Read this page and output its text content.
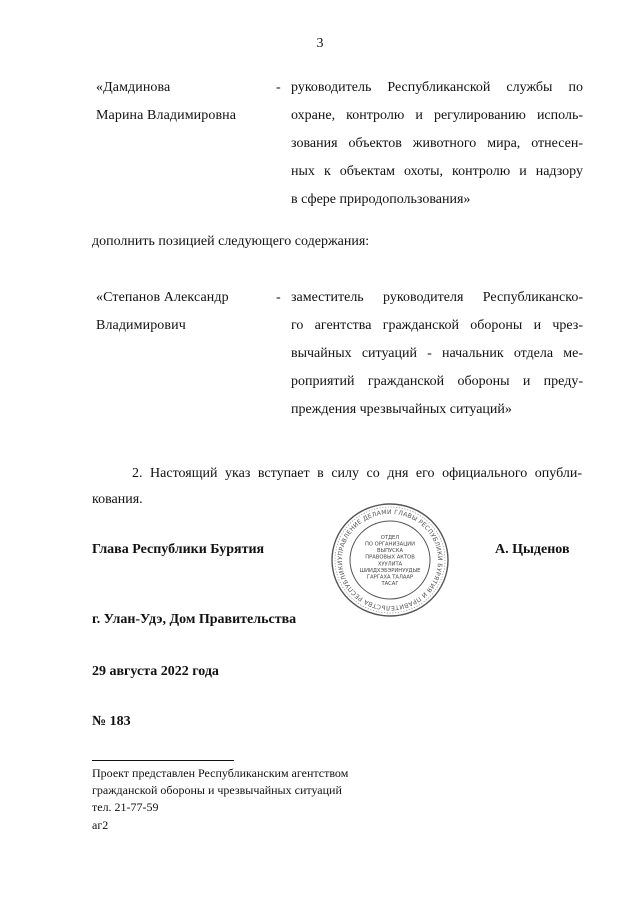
3
«Дамдинова
Марина Владимировна
- руководитель Республиканской службы по
охране, контролю и регулированию исполь-
зования объектов животного мира, отнесен-
ных к объектам охоты, контролю и надзору
в сфере природопользования»
дополнить позицией следующего содержания:
«Степанов Александр
Владимирович
- заместитель руководителя Республиканско-
го агентства гражданской обороны и чрез-
вычайных ситуаций - начальник отдела ме-
роприятий гражданской обороны и преду-
преждения чрезвычайных ситуаций»
2. Настоящий указ вступает в силу со дня его официального опубли-
кования.
Глава Республики Бурятия	А. Цыденов
УПРАВЛЕНИЕ ДЕЛАМИ ГЛАВЫ РЕСПУБЛИКИ БУРЯТИЯ И ПРАВИТЕЛЬСТВА РЕСПУБЛИКИ
ОТДЕЛ
ПО ОРГАНИЗАЦИИ
ВЫПУСКА
ПРАВОВЫХ АКТОВ
ХУУЛИТА
ШИИДХЭБЭРИНУУДЫЕ
ГАРГАХА ТАЛААР
ТАСАГ
г. Улан-Удэ, Дом Правительства
29 августа 2022 года
№ 183
Проект представлен Республиканским агентством
гражданской обороны и чрезвычайных ситуаций
тел. 21-77-59
аг2
